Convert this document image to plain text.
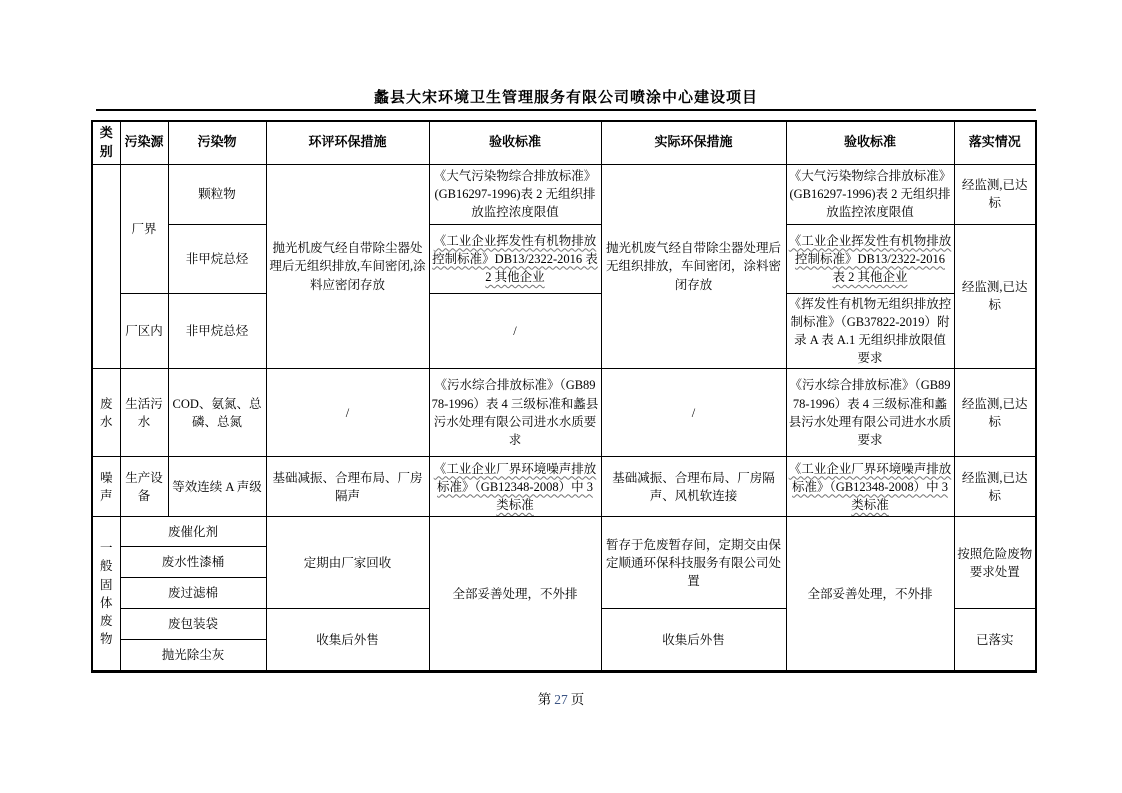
蠡县大宋环境卫生管理服务有限公司喷涂中心建设项目
类别	污染源	污染物	环评环保措施	验收标准	实际环保措施	验收标准	落实情况
	厂界	颗粒物	抛光机废气经自带除尘器处理后无组织排放,车间密闭,涂料应密闭存放	《大气污染物综合排放标准》(GB16297-1996)表 2 无组织排放监控浓度限值	抛光机废气经自带除尘器处理后无组织排放，车间密闭，涂料密闭存放	《大气污染物综合排放标准》(GB16297-1996)表 2 无组织排放监控浓度限值	经监测,已达标
		非甲烷总烃		《工业企业挥发性有机物排放控制标准》DB13/2322-2016 表 2 其他企业		《工业企业挥发性有机物排放控制标准》DB13/2322-2016 表 2 其他企业	经监测,已达标
	厂区内	非甲烷总烃		/		《挥发性有机物无组织排放控制标准》（GB37822-2019）附录 A 表 A.1 无组织排放限值要求	
废水	生活污水	COD、氨氮、总磷、总氮	/	《污水综合排放标准》（GB8978-1996）表 4 三级标准和蠡县污水处理有限公司进水水质要求	/	《污水综合排放标准》（GB8978-1996）表 4 三级标准和蠡县污水处理有限公司进水水质要求	经监测,已达标
噪声	生产设备	等效连续 A 声级	基础减振、合理布局、厂房隔声	《工业企业厂界环境噪声排放标准》（GB12348-2008）中 3 类标准	基础减振、合理布局、厂房隔声、风机软连接	《工业企业厂界环境噪声排放标准》（GB12348-2008）中 3 类标准	经监测,已达标
一般固体废物	废催化剂		定期由厂家回收	全部妥善处理，不外排	暂存于危废暂存间，定期交由保定顺通环保科技服务有限公司处置	全部妥善处理，不外排	按照危险废物要求处置
	废水性漆桶						
	废过滤棉						
	废包装袋		收集后外售		收集后外售		已落实
	抛光除尘灰						
第 27 页
